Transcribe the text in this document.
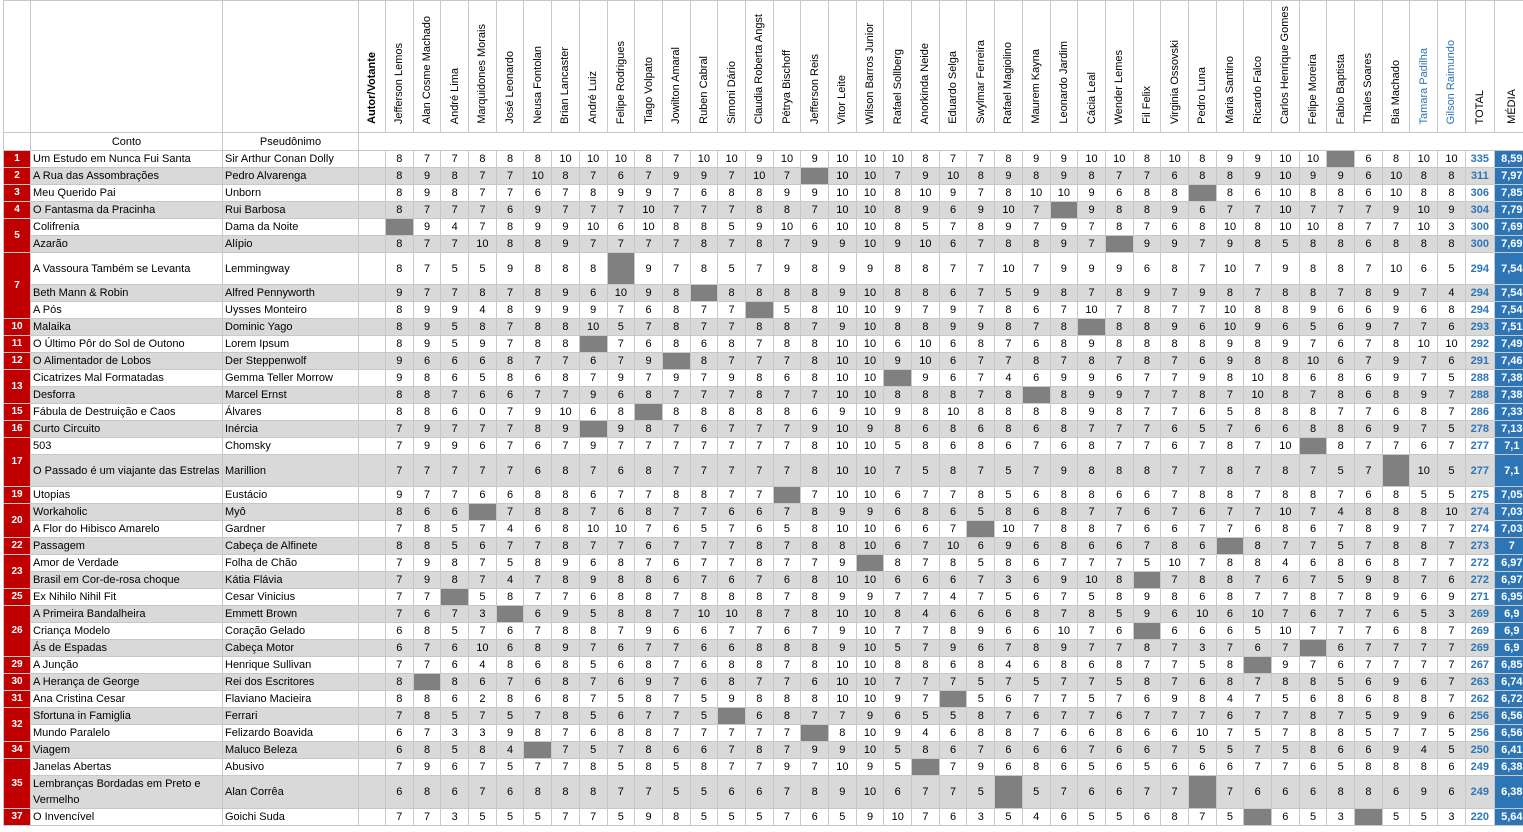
			Autor/Votante	Jefferson Lemos	Alan Cosme Machado	André Lima	Marquidones Morais	José Leonardo	Neusa Fontolan	Brian Lancaster	André Luiz	Felipe Rodrigues	Tiago Volpato	Jowilton Amaral	Ruben Cabral	Simoni Dário	Claudia Roberta Angst	Pétrya Bischoff	Jefferson Reis	Vitor Leite	Wilson Barros Junior	Rafael Sollberg	Anorkinda Neide	Eduardo Selga	Swylmar Ferreira	Rafael Magiolino	Maurem Kayna	Leonardo Jardim	Cácia Leal	Wender Lemes	Fil Felix	Virginia Ossovski	Pedro Luna	Maria Santino	Ricardo Falco	Carlos Henrique Gomes	Felipe Moreira	Fabio Baptista	Thales Soares	Bia Machado	Tamara Padilha	Gilson Raimundo	TOTAL	MÉDIA
	Conto	Pseudônimo																																										
1	Um Estudo em Nunca Fui Santa	Sir Arthur Conan Dolly		8	7	7	8	8	8	10	10	10	8	7	10	10	9	10	9	10	10	10	8	7	7	8	9	9	10	10	8	10	8	9	9	10	10		6	8	10	10	335	8,59
2	A Rua das Assombrações	Pedro Alvarenga		8	9	8	7	7	10	8	7	6	7	9	9	7	10	7		10	10	7	9	10	8	9	8	9	8	7	7	6	8	8	9	10	9	9	6	10	8	8	311	7,97
3	Meu Querido Pai	Unborn		8	9	8	7	7	6	7	8	9	9	7	6	8	8	9	9	10	10	8	10	9	7	8	10	10	9	6	8	8		8	6	10	8	8	6	10	8	8	306	7,85
4	O Fantasma da Pracinha	Rui Barbosa		8	7	7	7	6	9	7	7	7	10	7	7	7	8	8	7	10	10	8	9	6	9	10	7		9	8	8	9	6	7	7	10	7	7	7	9	10	9	304	7,79
5	Colifrenia	Dama da Noite			9	4	7	8	9	9	10	6	10	8	8	5	9	10	6	10	10	8	5	7	8	9	7	9	7	8	7	6	8	10	8	10	10	8	7	7	10	3	300	7,69
	Azarão	Alípio		8	7	7	10	8	8	9	7	7	7	7	8	7	8	7	9	9	10	9	10	6	7	8	8	9	7		9	9	7	9	8	5	8	8	6	8	8	8	300	7,69
7	A Vassoura Também se Levanta	Lemmingway		8	7	5	5	9	8	8	8		9	7	8	5	7	9	8	9	9	8	8	7	7	10	7	9	9	9	6	8	7	10	7	9	8	8	7	10	6	5	294	7,54
	Beth Mann & Robin	Alfred Pennyworth		9	7	7	8	7	8	9	6	10	9	8		8	8	8	8	9	10	8	8	6	7	5	9	8	7	8	9	7	9	8	7	8	8	7	8	9	7	4	294	7,54
	A Pós	Uysses Monteiro		8	9	9	4	8	9	9	9	7	6	8	7	7		5	8	10	10	9	7	9	7	8	6	7	10	7	8	7	7	10	8	8	9	6	6	9	6	8	294	7,54
10	Malaika	Dominic Yago		8	9	5	8	7	8	8	10	5	7	8	7	7	8	8	7	9	10	8	8	9	9	8	7	8		8	8	9	6	10	9	6	5	6	9	7	7	6	293	7,51
11	O Último Pôr do Sol de Outono	Lorem Ipsum		8	9	5	9	7	8	8		7	6	8	6	8	7	8	8	10	10	6	10	6	8	7	6	8	9	8	8	8	8	9	8	9	7	6	7	8	10	10	292	7,49
12	O Alimentador de Lobos	Der Steppenwolf		9	6	6	6	8	7	7	6	7	9		8	7	7	7	8	10	10	9	10	6	7	7	8	7	8	7	8	7	6	9	8	8	10	6	7	9	7	6	291	7,46
13	Cicatrizes Mal Formatadas	Gemma Teller Morrow		9	8	6	5	8	6	8	7	9	7	9	7	9	8	6	8	10	10		9	6	7	4	6	9	9	6	7	7	9	8	10	8	6	8	6	9	7	5	288	7,38
	Desforra	Marcel Ernst		8	8	7	6	6	7	7	9	6	8	7	7	7	8	7	7	10	10	8	8	8	7	8		8	9	9	7	7	8	7	10	8	7	8	6	8	9	7	288	7,38
15	Fábula de Destruição e Caos	Álvares		8	8	6	0	7	9	10	6	8		8	8	8	8	8	6	9	10	9	8	10	8	8	8	8	9	8	7	7	6	5	8	8	8	7	7	6	8	7	286	7,33
16	Curto Circuito	Inércia		7	9	7	7	7	8	9		9	8	7	6	7	7	7	9	10	9	8	6	8	6	8	6	8	7	7	7	6	5	7	6	6	8	8	6	9	7	5	278	7,13
17	503	Chomsky		7	9	9	6	7	6	7	9	7	7	7	7	7	7	7	8	10	10	5	8	6	8	6	7	6	8	7	7	6	7	8	7	10		8	7	7	6	7	277	7,1
	O Passado é um viajante das Estrelas	Marillion		7	7	7	7	7	6	8	7	6	8	7	7	7	7	7	8	10	10	7	5	8	7	5	7	9	8	8	8	7	7	8	7	8	7	5	7		10	5	277	7,1
19	Utopias	Eustácio		9	7	7	6	6	8	8	6	7	7	8	8	7	7		7	10	10	6	7	7	8	5	6	8	8	6	6	7	8	8	7	8	8	7	6	8	5	5	275	7,05
20	Workaholic	Myô		8	6	6		7	8	8	7	6	8	7	7	6	6	7	8	9	9	6	8	6	5	8	6	8	7	7	6	7	6	7	7	10	7	4	8	8	8	10	274	7,03
	A Flor do Hibisco Amarelo	Gardner		7	8	5	7	4	6	8	10	10	7	6	5	7	6	5	8	10	10	6	6	7		10	7	8	8	7	6	6	7	7	6	8	6	7	8	9	7	7	274	7,03
22	Passagem	Cabeça de Alfinete		8	8	5	6	7	7	8	7	7	6	7	7	7	8	7	8	8	10	6	7	10	6	9	6	8	6	6	7	8	6		8	7	7	5	7	8	8	7	273	7
23	Amor de Verdade	Folha de Chão		7	9	8	7	5	8	9	6	8	7	6	7	7	8	7	7	9		8	7	8	5	8	6	7	7	7	5	10	7	8	8	4	6	8	6	8	7	7	272	6,97
	Brasil em Cor-de-rosa choque	Kátia Flávia		7	9	8	7	4	7	8	9	8	8	6	7	6	7	6	8	10	10	6	6	6	7	3	6	9	10	8		7	8	8	7	6	7	5	9	8	7	6	272	6,97
25	Ex Nihilo Nihil Fit	Cesar Vinicius		7	7		5	8	7	7	6	8	8	7	8	8	8	7	8	9	9	7	7	4	7	5	6	7	5	8	9	8	6	8	7	7	8	7	8	9	6	9	271	6,95
26	A Primeira Bandalheira	Emmett Brown		7	6	7	3		6	9	5	8	8	7	10	10	8	7	8	10	10	8	4	6	6	6	8	7	8	5	9	6	10	6	10	7	6	7	7	6	5	3	269	6,9
	Criança Modelo	Coração Gelado		6	8	5	7	6	7	8	8	7	9	6	6	7	7	6	7	9	10	7	7	8	9	6	6	10	7	6		6	6	6	5	10	7	7	7	6	8	7	269	6,9
	Ás de Espadas	Cabeça Motor		6	7	6	10	6	8	9	7	6	7	7	6	6	8	8	8	9	10	5	7	9	6	7	8	9	7	7	8	7	3	7	6	7		6	7	7	7	7	269	6,9
29	A Junção	Henrique Sullivan		7	7	6	4	8	6	8	5	6	8	7	6	8	8	7	8	10	10	8	8	6	8	4	6	8	6	8	7	7	5	8		9	7	6	7	7	7	7	267	6,85
30	A Herança de George	Rei dos Escritores		8		8	6	7	6	8	7	6	9	7	6	8	7	7	6	10	10	7	7	7	5	7	5	7	7	5	8	7	6	8	7	8	8	5	6	9	6	7	263	6,74
31	Ana Cristina Cesar	Flaviano Macieira		8	8	6	2	8	6	8	7	5	8	7	5	9	8	8	8	10	10	9	7		5	6	7	7	5	7	6	9	8	4	7	5	6	8	6	8	8	7	262	6,72
32	Sfortuna in Famiglia	Ferrari		7	8	5	7	5	7	8	5	6	7	7	5		6	8	7	7	9	6	5	5	8	7	6	7	7	6	7	7	7	6	7	7	8	7	5	9	9	6	256	6,56
	Mundo Paralelo	Felizardo Boavida		6	7	3	3	9	8	7	6	8	8	7	7	7	7	7		8	10	9	4	6	8	8	7	6	6	8	6	6	10	7	5	7	8	8	5	7	7	5	256	6,56
34	Viagem	Maluco Beleza		6	8	5	8	4		7	5	7	8	6	6	7	8	7	9	9	10	5	8	6	7	6	6	6	7	6	6	7	5	5	7	5	8	6	6	9	4	5	250	6,41
35	Janelas Abertas	Abusivo		7	9	6	7	5	7	7	8	5	8	5	8	7	7	9	7	10	9	5		7	9	6	8	6	5	6	5	6	6	6	7	7	6	5	8	8	8	6	249	6,38
	Lembranças Bordadas em Preto e Vermelho	Alan Corrêa		6	8	6	7	6	8	8	8	7	7	5	5	6	6	7	8	9	10	6	7	7	5		5	7	6	6	7	7		7	6	6	6	8	8	6	9	6	249	6,38
37	O Invencível	Goichi Suda		7	7	3	5	5	5	7	7	5	9	8	5	5	5	7	6	5	9	10	7	6	3	5	4	6	5	5	6	8	7	5		6	5	3		5	5	3	220	5,64
